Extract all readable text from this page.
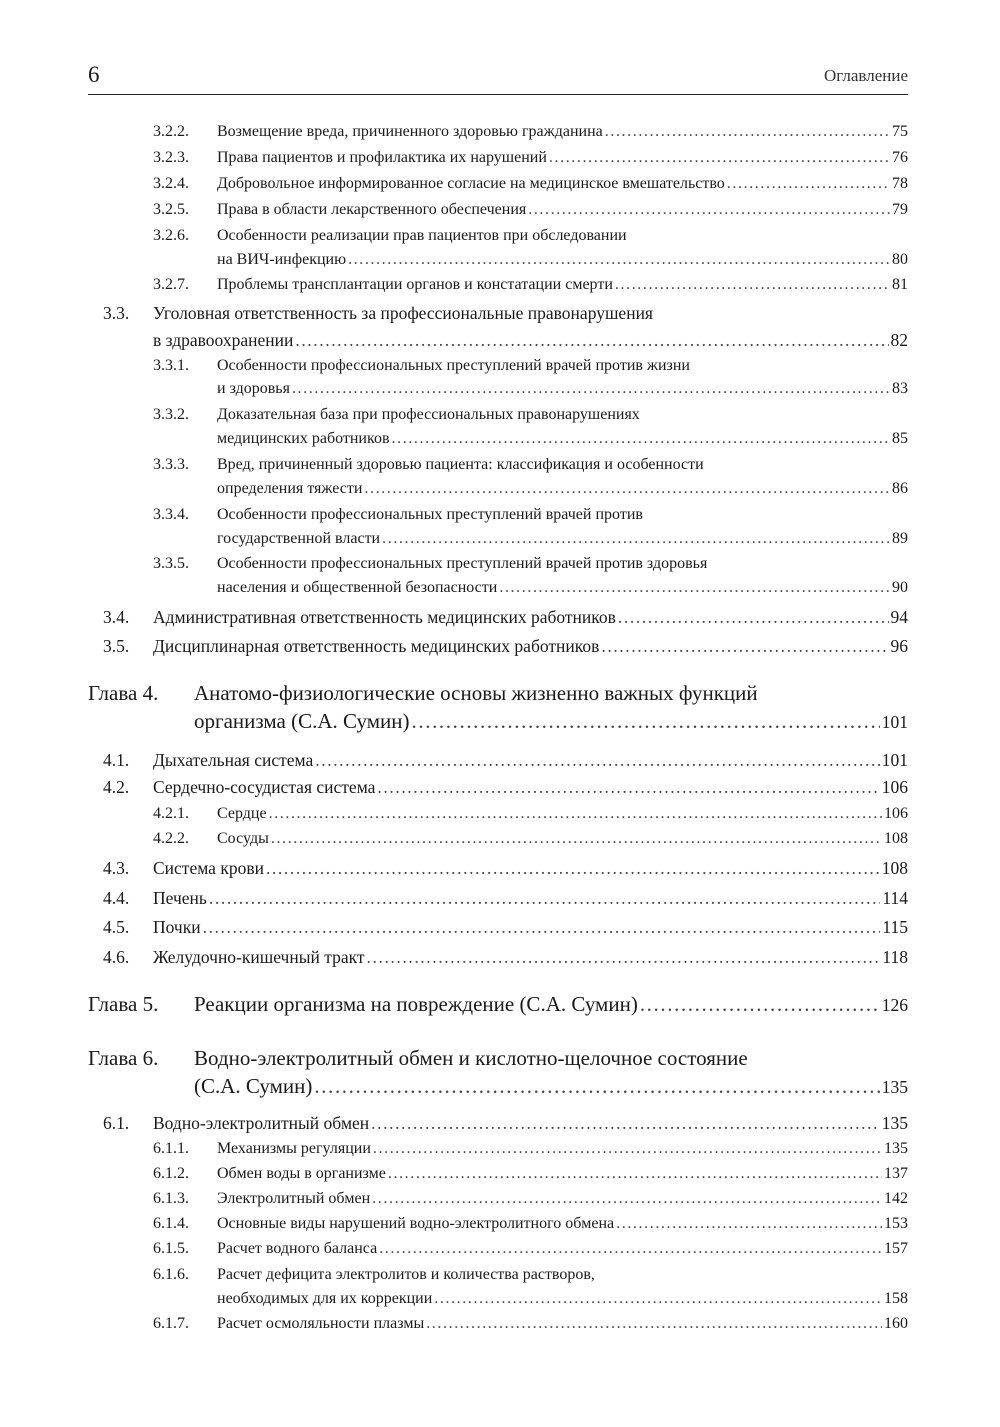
6	Оглавление
3.2.2. Возмещение вреда, причиненного здоровью гражданина .....	75
3.2.3. Права пациентов и профилактика их нарушений .....	76
3.2.4. Добровольное информированное согласие на медицинское вмешательство .....	78
3.2.5. Права в области лекарственного обеспечения .....	79
3.2.6. Особенности реализации прав пациентов при обследовании
на ВИЧ-инфекцию .....	80
3.2.7. Проблемы трансплантации органов и констатации смерти .....	81
3.3. Уголовная ответственность за профессиональные правонарушения
в здравоохранении .....	82
3.3.1. Особенности профессиональных преступлений врачей против жизни
и здоровья .....	83
3.3.2. Доказательная база при профессиональных правонарушениях
медицинских работников .....	85
3.3.3. Вред, причиненный здоровью пациента: классификация и особенности
определения тяжести .....	86
3.3.4. Особенности профессиональных преступлений врачей против
государственной власти .....	89
3.3.5. Особенности профессиональных преступлений врачей против здоровья
населения и общественной безопасности .....	90
3.4. Административная ответственность медицинских работников .....	94
3.5. Дисциплинарная ответственность медицинских работников .....	96
Глава 4. Анатомо-физиологические основы жизненно важных функций
организма (С.А. Сумин) .....	101
4.1. Дыхательная система .....	101
4.2. Сердечно-сосудистая система .....	106
4.2.1. Сердце .....	106
4.2.2. Сосуды .....	108
4.3. Система крови .....	108
4.4. Печень .....	114
4.5. Почки .....	115
4.6. Желудочно-кишечный тракт .....	118
Глава 5. Реакции организма на повреждение (С.А. Сумин) .....	126
Глава 6. Водно-электролитный обмен и кислотно-щелочное состояние
(С.А. Сумин) .....	135
6.1. Водно-электролитный обмен .....	135
6.1.1. Механизмы регуляции .....	135
6.1.2. Обмен воды в организме .....	137
6.1.3. Электролитный обмен .....	142
6.1.4. Основные виды нарушений водно-электролитного обмена .....	153
6.1.5. Расчет водного баланса .....	157
6.1.6. Расчет дефицита электролитов и количества растворов,
необходимых для их коррекции .....	158
6.1.7. Расчет осмоляльности плазмы .....	160
